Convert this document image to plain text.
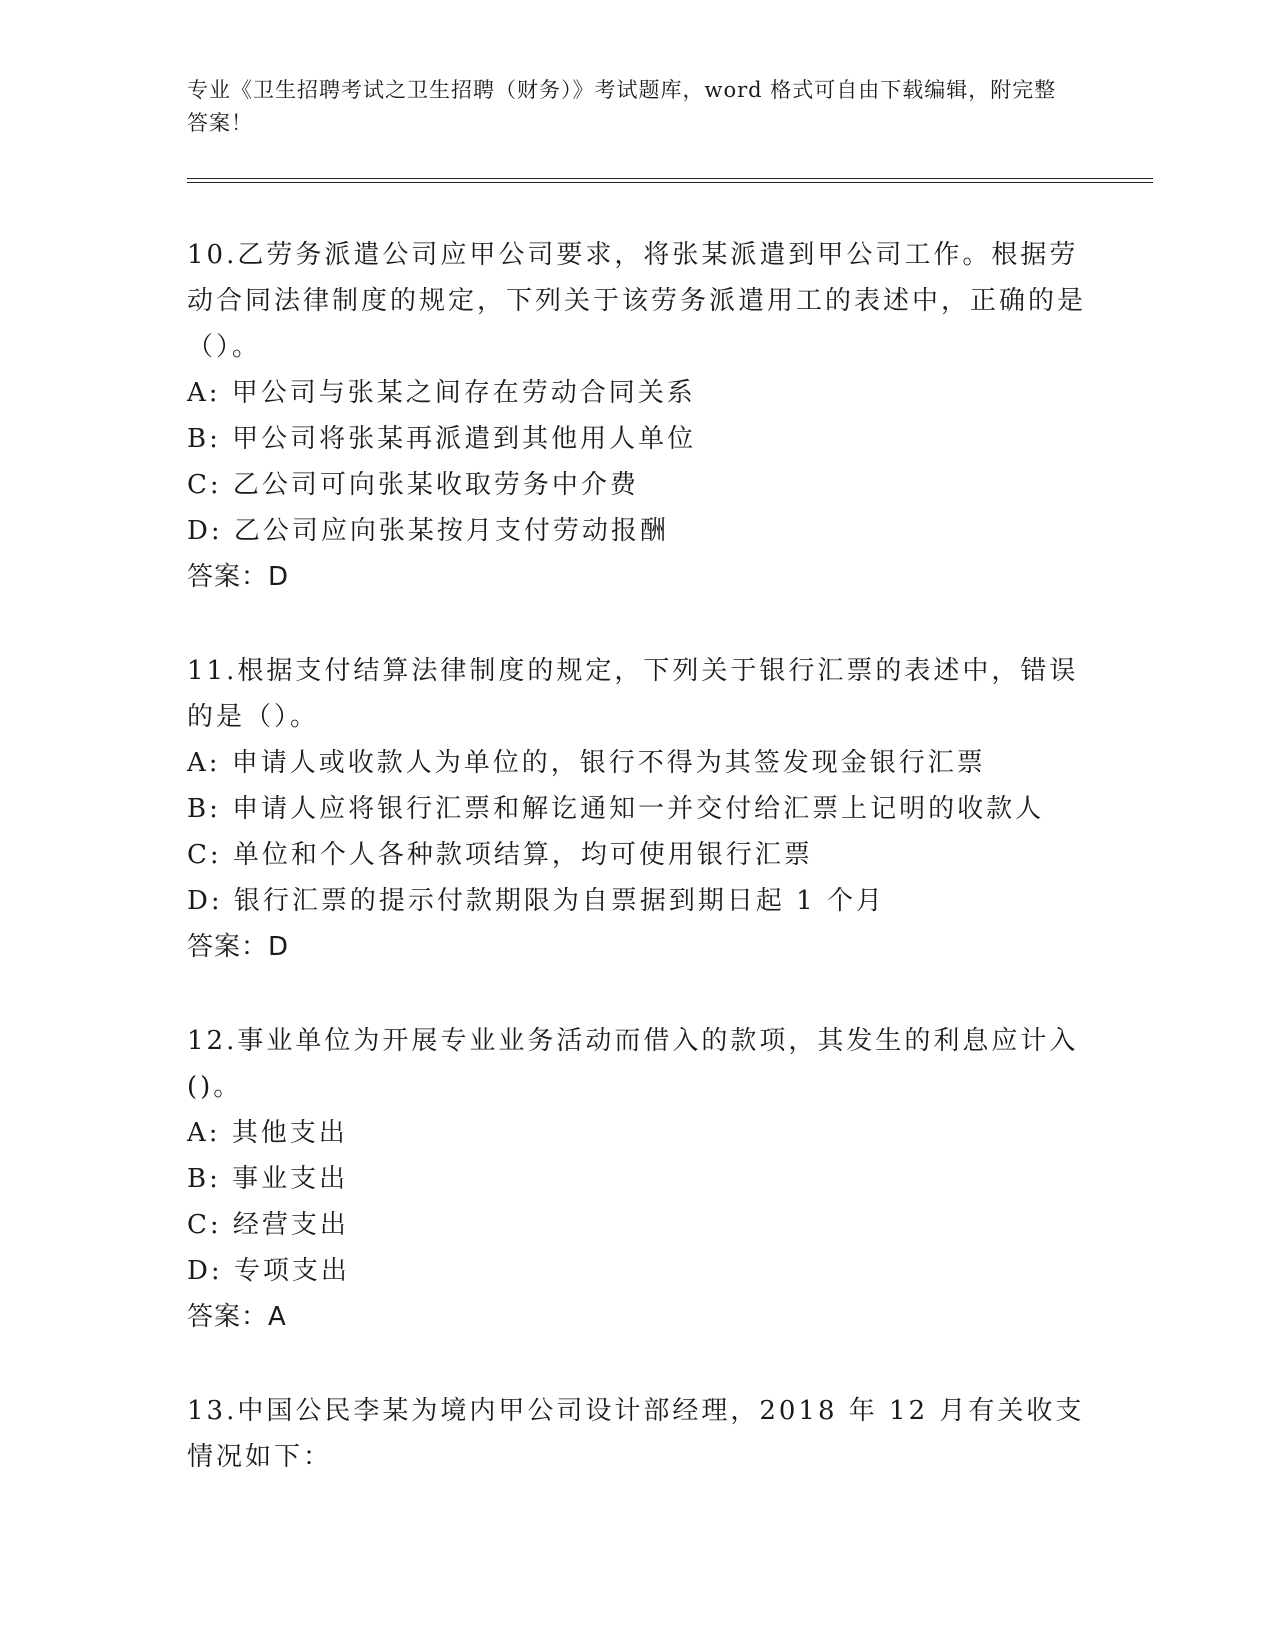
专业《卫生招聘考试之卫生招聘（财务）》考试题库，word 格式可自由下载编辑，附完整答案！

10.乙劳务派遣公司应甲公司要求，将张某派遣到甲公司工作。根据劳动合同法律制度的规定，下列关于该劳务派遣用工的表述中，正确的是（）。

A: 甲公司与张某之间存在劳动合同关系

B: 甲公司将张某再派遣到其他用人单位

C: 乙公司可向张某收取劳务中介费

D: 乙公司应向张某按月支付劳动报酬

答案：D

11.根据支付结算法律制度的规定，下列关于银行汇票的表述中，错误的是（）。

A: 申请人或收款人为单位的，银行不得为其签发现金银行汇票

B: 申请人应将银行汇票和解讫通知一并交付给汇票上记明的收款人

C: 单位和个人各种款项结算，均可使用银行汇票

D: 银行汇票的提示付款期限为自票据到期日起 1 个月

答案：D

12.事业单位为开展专业业务活动而借入的款项，其发生的利息应计入()。

A: 其他支出

B: 事业支出

C: 经营支出

D: 专项支出

答案：A

13.中国公民李某为境内甲公司设计部经理，2018 年 12 月有关收支情况如下：
